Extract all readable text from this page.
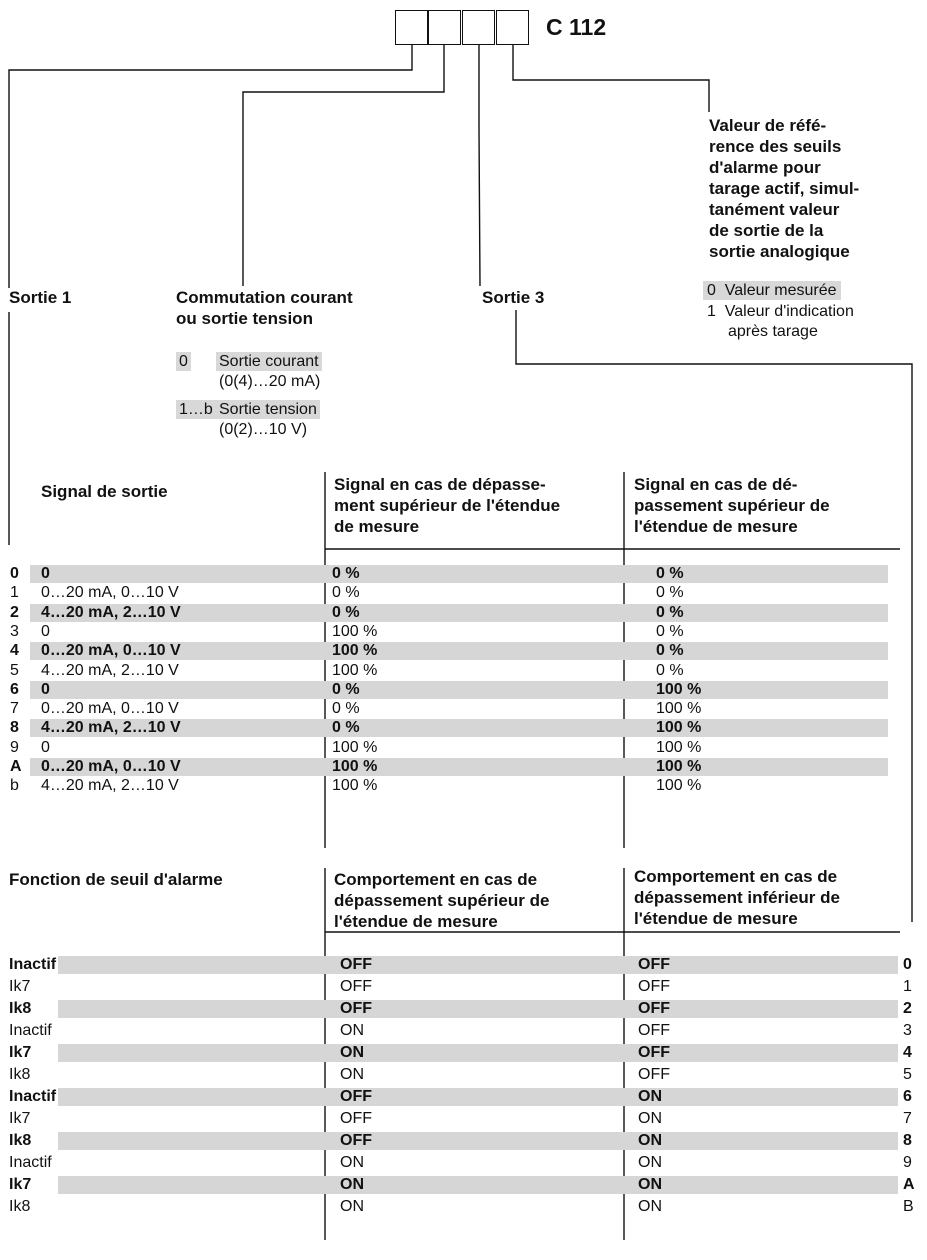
C 112
Sortie 1	Commutation courant
ou sortie tension
0 Sortie courant
(0(4)…20 mA)
1…b Sortie tension
(0(2)…10 V)
Sortie 3
Valeur de réfé-
rence des seuils
d'alarme pour
tarage actif, simul-
tanément valeur
de sortie de la
sortie analogique
0  Valeur mesurée
1  Valeur d'indication
après tarage
Signal de sortie	Signal en cas de dépasse-
ment supérieur de l'étendue
de mesure
Signal en cas de dé-
passement supérieur de
l'étendue de mesure
0 0	0 %	0 %
1 0…20 mA, 0…10 V	0 %	0 %
2 4…20 mA, 2…10 V	0 %	0 %
3 0	100 %	0 %
4 0…20 mA, 0…10 V	100 %	0 %
5 4…20 mA, 2…10 V	100 %	0 %
6 0	0 %	100 %
7 0…20 mA, 0…10 V	0 %	100 %
8 4…20 mA, 2…10 V	0 %	100 %
9 0	100 %	100 %
A 0…20 mA, 0…10 V	100 %	100 %
b 4…20 mA, 2…10 V	100 %	100 %
Fonction de seuil d'alarme	Comportement en cas de
dépassement supérieur de
l'étendue de mesure
Comportement en cas de
dépassement inférieur de
l'étendue de mesure
Inactif	OFF	OFF	0
Ik7	OFF	OFF	1
Ik8	OFF	OFF	2
Inactif	ON	OFF	3
Ik7	ON	OFF	4
Ik8	ON	OFF	5
Inactif	OFF	ON	6
Ik7	OFF	ON	7
Ik8	OFF	ON	8
Inactif	ON	ON	9
Ik7	ON	ON	A
Ik8	ON	ON	B
